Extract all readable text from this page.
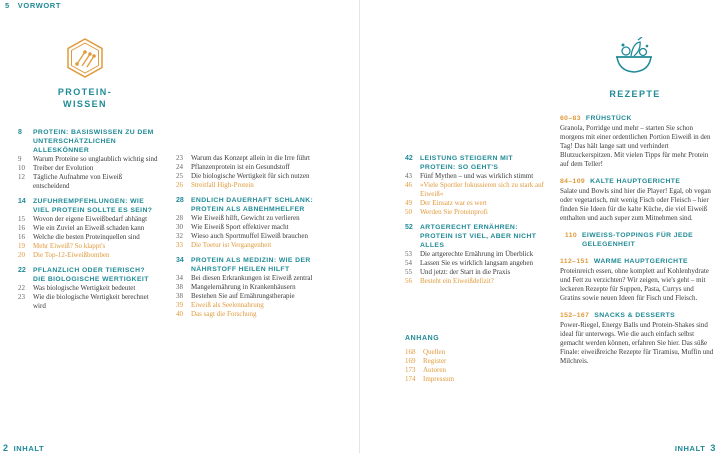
5 VORWORT
PROTEIN-
WISSEN
REZEPTE
8	PROTEIN: BASISWISSEN ZU DEM UNTERSCHÄTZLICHEN ALLESKÖNNER
9	Warum Proteine so unglaublich wichtig sind
10	Treiber der Evolution
12	Tägliche Aufnahme von Eiweiß entscheidend
14	ZUFUHREMPFEHLUNGEN: WIE VIEL PROTEIN SOLLTE ES SEIN?
15	Wovon der eigene Eiweißbedarf abhängt
16	Wie ein Zuviel an Eiweiß schaden kann
16	Welche die besten Proteinquellen sind
19	Mehr Eiweiß? So klappt's
20	Die Top-12-Eiweißbomben
22	PFLANZLICH ODER TIERISCH? DIE BIOLOGISCHE WERTIGKEIT
22	Was biologische Wertigkeit bedeutet
23	Wie die biologische Wertigkeit berechnet wird
23	Warum das Konzept allein in die Irre führt
24	Pflanzenprotein ist ein Gesundstoff
25	Die biologische Wertigkeit für sich nutzen
26	Streitfall High-Protein
28	ENDLICH DAUERHAFT SCHLANK: PROTEIN ALS ABNEHMHELFER
28	Wie Eiweiß hilft, Gewicht zu verlieren
30	Wie Eiweiß Sport effektiver macht
32	Wieso auch Sportmuffel Eiweiß brauchen
33	Die Toetur ist Vergangenheit
34	PROTEIN ALS MEDIZIN: WIE DER NÄHRSTOFF HEILEN HILFT
34	Bei diesen Erkrankungen ist Eiweiß zentral
38	Mangelernährung in Krankenhäusern
38	Bestehen Sie auf Ernährungstherapie
39	Eiweiß als Seelennahrung
40	Das sagt die Forschung
42	LEISTUNG STEIGERN MIT PROTEIN: SO GEHT'S
43	Fünf Mythen – und was wirklich stimmt
46	»Viele Sportler fokussieren sich zu stark auf Eiweiß«
49	Der Einsatz war es wert
50	Werden Sie Proteinprofi
52	ARTGERECHT ERNÄHREN: PROTEIN IST VIEL, ABER NICHT ALLES
53	Die artgerechte Ernährung im Überblick
54	Lassen Sie es wirklich langsam angehen
55	Und jetzt: der Start in die Praxis
56	Besteht ein Eiweißdefizit?
ANHANG
168	Quellen
169	Register
173	Autoren
174	Impressum
60–83 FRÜHSTÜCK
Granola, Porridge und mehr – starten Sie schon morgens mit einer ordentlichen Portion Eiweiß in den Tag! Das hält lange satt und verhindert Blutzuckerspitzen. Mit vielen Tipps für mehr Protein auf dem Teller!
84–109 KALTE HAUPTGERICHTE
Salate und Bowls sind hier die Player! Egal, ob vegan oder vegetarisch, mit wenig Fisch oder Fleisch – hier finden Sie Ideen für die kalte Küche, die viel Eiweiß enthalten und auch super zum Mitnehmen sind.
110 EIWEISS-TOPPINGS FÜR JEDE GELEGENHEIT
112–151 WARME HAUPTGERICHTE
Proteinreich essen, ohne komplett auf Kohlenhydrate und Fett zu verzichten? Wir zeigen, wie's geht – mit leckeren Rezepte für Suppen, Pasta, Currys und Gratins sowie neuen Ideen für Fisch und Fleisch.
152–167 SNACKS & DESSERTS
Power-Riegel, Energy Balls und Protein-Shakes sind ideal für unterwegs. Wie die auch einfach selbst gemacht werden können, erfahren Sie hier. Das süße Finale: eiweißreiche Rezepte für Tiramisu, Muffin und Milchreis.
2 INHALT	INHALT 3
